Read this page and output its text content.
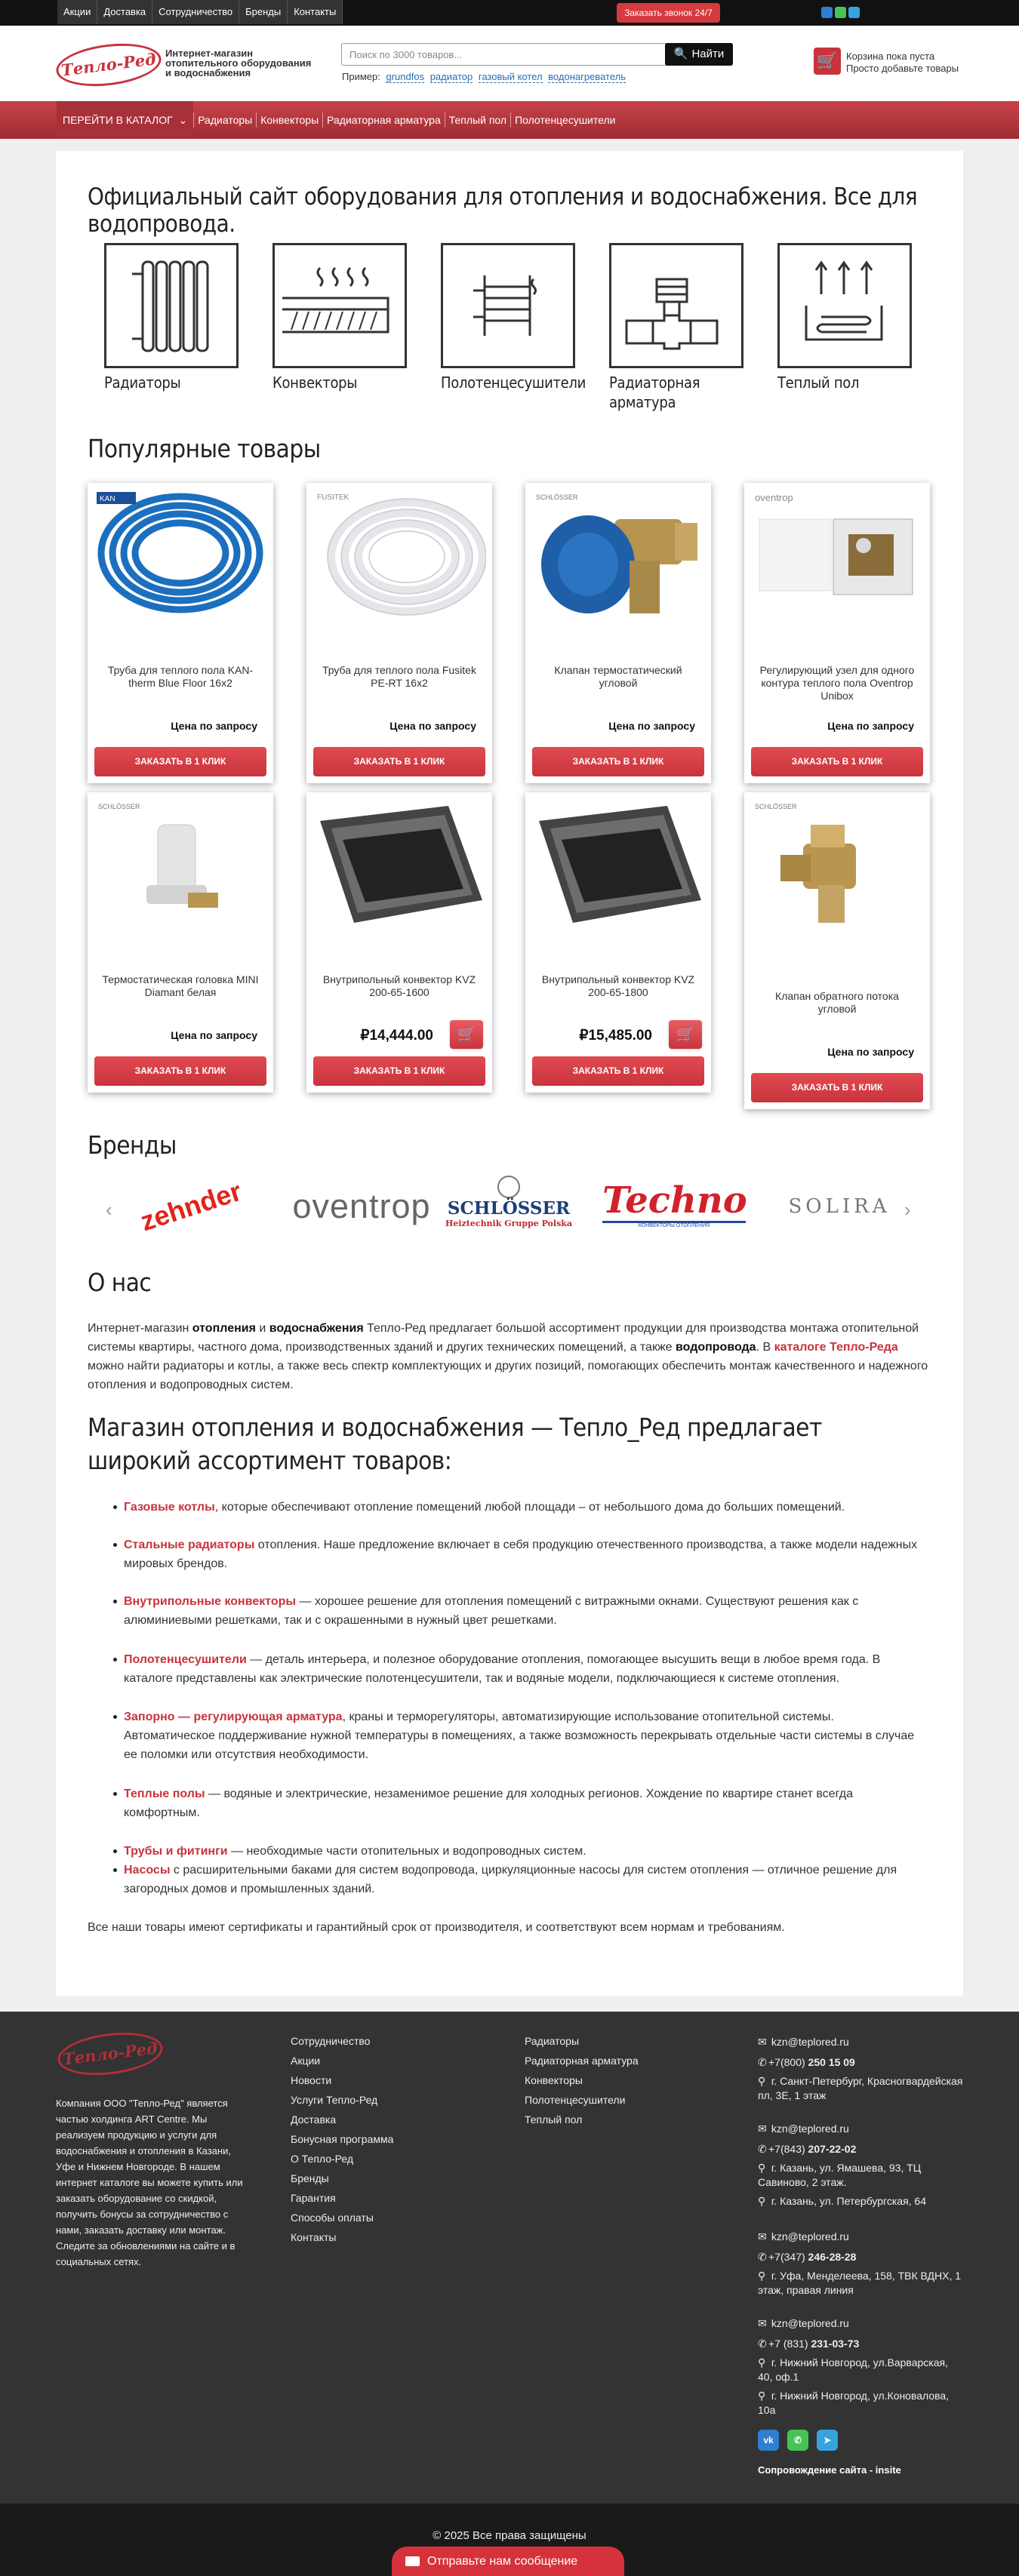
Акции	Доставка	Сотрудничество	Бренды	Контакты	Заказать звонок 24/7
Тепло-Ред Интернет-магазин
отопительного оборудования
и водоснабжения
Поиск по 3000 товаров...	🔍 Найти
Пример: grundfos радиатор газовый котел водонагреватель
🛒 Корзина пока пуста
Просто добавьте товары
ПЕРЕЙТИ В КАТАЛОГ  ⌄	Радиаторы Конвекторы Радиаторная арматура Теплый пол Полотенцесушители
Официальный сайт оборудования для отопления и водоснабжения. Все для водопровода.
Радиаторы	Конвекторы	Полотенцесушители Радиаторная арматура
Теплый пол
Популярные товары
KAN
Труба для теплого пола KAN-therm Blue Floor 16x2
Цена по запросу
ЗАКАЗАТЬ В 1 КЛИК
FUSITEK
Труба для теплого пола Fusitek PE-RT 16x2
Цена по запросу
ЗАКАЗАТЬ В 1 КЛИК
SCHLÖSSER
Клапан термостатический угловой
Цена по запросу
ЗАКАЗАТЬ В 1 КЛИК
oventrop
Регулирующий узел для одного контура теплого пола Oventrop Unibox
Цена по запросу
ЗАКАЗАТЬ В 1 КЛИК
SCHLÖSSER
Термостатическая головка MINI Diamant белая
Цена по запросу
ЗАКАЗАТЬ В 1 КЛИК
Внутрипольный конвектор KVZ 200-65-1600
₽14,444.00	🛒
ЗАКАЗАТЬ В 1 КЛИК
Внутрипольный конвектор KVZ 200-65-1800
₽15,485.00	🛒
ЗАКАЗАТЬ В 1 КЛИК
SCHLÖSSER
Клапан обратного потока угловой
Цена по запросу
ЗАКАЗАТЬ В 1 КЛИК
Бренды
‹ zehnder	oventrop SCHLÖSSER
Heiztechnik Gruppe Polska
Techno
КОНВЕКТОРЫ ОТОПЛЕНИЯ
SOLIRA ›
О нас
Интернет-магазин отопления и водоснабжения Тепло-Ред предлагает большой ассортимент продукции для производства монтажа отопительной системы квартиры, частного дома, производственных зданий и других технических помещений, а также водопровода. В каталоге Тепло-Реда можно найти радиаторы и котлы, а также весь спектр комплектующих и других позиций, помогающих обеспечить монтаж качественного и надежного отопления и водопроводных систем.
Магазин отопления и водоснабжения — Тепло_Ред предлагает широкий ассортимент товаров:
Газовые котлы, которые обеспечивают отопление помещений любой площади – от небольшого дома до больших помещений.
Стальные радиаторы отопления. Наше предложение включает в себя продукцию отечественного производства, а также модели надежных мировых брендов.
Внутрипольные конвекторы — хорошее решение для отопления помещений с витражными окнами. Существуют решения как с алюминиевыми решетками, так и с окрашенными в нужный цвет решетками.
Полотенцесушители — деталь интерьера, и полезное оборудование отопления, помогающее высушить вещи в любое время года. В каталоге представлены как электрические полотенцесушители, так и водяные модели, подключающиеся к системе отопления.
Запорно — регулирующая арматура, краны и терморегуляторы, автоматизирующие использование отопительной системы. Автоматическое поддерживание нужной температуры в помещениях, а также возможность перекрывать отдельные части системы в случае ее поломки или отсутствия необходимости.
Теплые полы — водяные и электрические, незаменимое решение для холодных регионов. Хождение по квартире станет всегда комфортным.
Трубы и фитинги — необходимые части отопительных и водопроводных систем.
Насосы с расширительными баками для систем водопровода, циркуляционные насосы для систем отопления — отличное решение для загородных домов и промышленных зданий.
Все наши товары имеют сертификаты и гарантийный срок от производителя, и соответствуют всем нормам и требованиям.
Тепло-Ред
Компания ООО "Тепло-Ред" является частью холдинга ART Centre. Мы реализуем продукцию и услуги для водоснабжения и отопления в Казани, Уфе и Нижнем Новгороде. В нашем интернет каталоге вы можете купить или заказать оборудование со скидкой, получить бонусы за сотрудничество с нами, заказать доставку или монтаж. Следите за обновлениями на сайте и в социальных сетях.
Сотрудничество
Акции
Новости
Услуги Тепло-Ред
Доставка
Бонусная программа
О Тепло-Ред
Бренды
Гарантия
Способы оплаты
Контакты
Радиаторы
Радиаторная арматура
Конвекторы
Полотенцесушители
Теплый пол
✉ kzn@teplored.ru
✆ +7(800) 250 15 09
⚲ г. Санкт-Петербург, Красногвардейская пл, 3Е, 1 этаж
✉ kzn@teplored.ru
✆ +7(843) 207-22-02
⚲ г. Казань, ул. Ямашева, 93, ТЦ Савиново, 2 этаж.
⚲ г. Казань, ул. Петербургская, 64
✉ kzn@teplored.ru
✆ +7(347) 246-28-28
⚲ г. Уфа, Менделеева, 158, ТВК ВДНХ, 1 этаж, правая линия
✉ kzn@teplored.ru
✆ +7 (831) 231-03-73
⚲ г. Нижний Новгород, ул.Варварская, 40, оф.1
⚲ г. Нижний Новгород, ул.Коновалова, 10а
vk	✆	➤
Сопровождение сайта - insite
© 2025 Все права защищены
Отправьте нам сообщение
